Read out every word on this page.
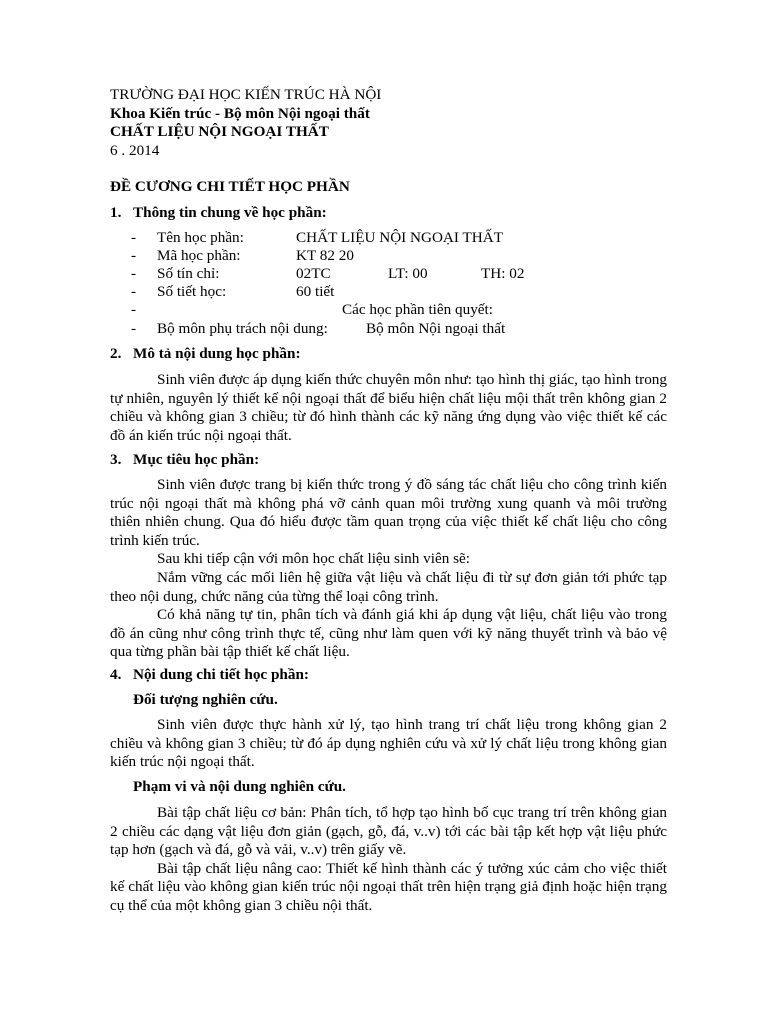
TRƯỜNG ĐẠI HỌC KIẾN TRÚC HÀ NỘI
Khoa Kiến trúc - Bộ môn Nội ngoại thất
CHẤT LIỆU NỘI NGOẠI THẤT
6 . 2014
ĐỀ CƯƠNG CHI TIẾT HỌC PHẦN
1. Thông tin chung về học phần:
- Tên học phần:	CHẤT LIỆU NỘI NGOẠI THẤT
- Mã học phần:	KT 82 20
- Số tín chỉ:	02TC	LT: 00	TH: 02
- Số tiết học:	60 tiết
-	Các học phần tiên quyết:
- Bộ môn phụ trách nội dung:	Bộ môn Nội ngoại thất
2. Mô tả nội dung học phần:
Sinh viên được áp dụng kiến thức chuyên môn như: tạo hình thị giác, tạo hình trong tự nhiên, nguyên lý thiết kế nội ngoại thất để biểu hiện chất liệu mội thất trên không gian 2 chiều và không gian 3 chiều; từ đó hình thành các kỹ năng ứng dụng vào việc thiết kế các đồ án kiến trúc nội ngoại thất.
3. Mục tiêu học phần:
Sinh viên được trang bị kiến thức trong ý đồ sáng tác chất liệu cho công trình kiến trúc nội ngoại thất mà không phá vỡ cảnh quan môi trường xung quanh và môi trường thiên nhiên chung. Qua đó hiểu được tầm quan trọng của việc thiết kế chất liệu cho công trình kiến trúc.
Sau khi tiếp cận với môn học chất liệu sinh viên sẽ:
Nắm vững các mối liên hệ giữa vật liệu và chất liệu đi từ sự đơn giản tới phức tạp theo nội dung, chức năng của từng thể loại công trình.
Có khả năng tự tin, phân tích và đánh giá khi áp dụng vật liệu, chất liệu vào trong đồ án cũng như công trình thực tế, cũng như làm quen với kỹ năng thuyết trình và bảo vệ qua từng phần bài tập thiết kế chất liệu.
4. Nội dung chi tiết học phần:
Đối tượng nghiên cứu.
Sinh viên được thực hành xử lý, tạo hình trang trí chất liệu trong không gian 2 chiều và không gian 3 chiều; từ đó áp dụng nghiên cứu và xử lý chất liệu trong không gian kiến trúc nội ngoại thất.
Phạm vi và nội dung nghiên cứu.
Bài tập chất liệu cơ bản: Phân tích, tổ hợp tạo hình bố cục trang trí trên không gian 2 chiều các dạng vật liệu đơn giản (gạch, gỗ, đá, v..v) tới các bài tập kết hợp vật liệu phức tạp hơn (gạch và đá, gỗ và vải, v..v) trên giấy vẽ.
Bài tập chất liệu nâng cao: Thiết kế hình thành các ý tưởng xúc cảm cho việc thiết kế chất liệu vào không gian kiến trúc nội ngoại thất trên hiện trạng giả định hoặc hiện trạng cụ thể của một không gian 3 chiều nội thất.
